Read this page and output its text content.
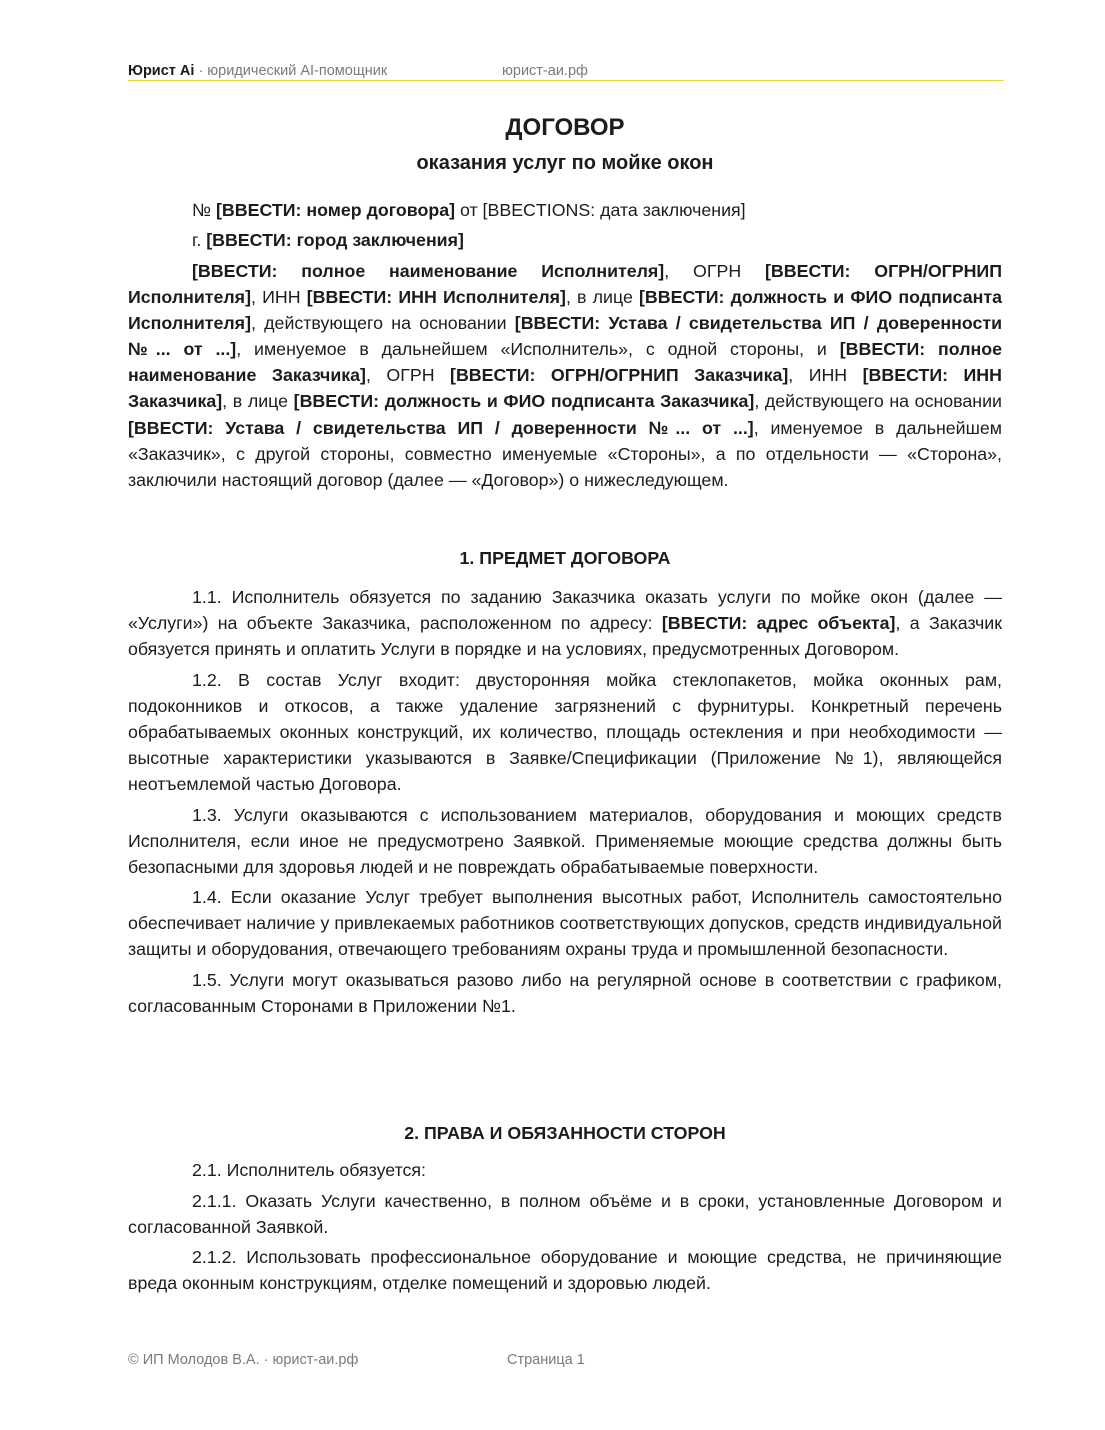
Юрист Ai · юридический AI-помощник	юрист-аи.рф
ДОГОВОР
оказания услуг по мойке окон

№ [ВВЕСТИ: номер договора] от [BBECTIONS: дата заключения]

г. [ВВЕСТИ: город заключения]

[ВВЕСТИ: полное наименование Исполнителя], ОГРН [ВВЕСТИ: ОГРН/ОГРНИП Исполнителя], ИНН [ВВЕСТИ: ИНН Исполнителя], в лице [ВВЕСТИ: должность и ФИО подписанта Исполнителя], действующего на основании [ВВЕСТИ: Устава / свидетельства ИП / доверенности №... от ...], именуемое в дальнейшем «Исполнитель», с одной стороны, и [ВВЕСТИ: полное наименование Заказчика], ОГРН [ВВЕСТИ: ОГРН/ОГРНИП Заказчика], ИНН [ВВЕСТИ: ИНН Заказчика], в лице [ВВЕСТИ: должность и ФИО подписанта Заказчика], действующего на основании [ВВЕСТИ: Устава / свидетельства ИП / доверенности №... от ...], именуемое в дальнейшем «Заказчик», с другой стороны, совместно именуемые «Стороны», а по отдельности — «Сторона», заключили настоящий договор (далее — «Договор») о нижеследующем.

1. ПРЕДМЕТ ДОГОВОРА

1.1. Исполнитель обязуется по заданию Заказчика оказать услуги по мойке окон (далее — «Услуги») на объекте Заказчика, расположенном по адресу: [ВВЕСТИ: адрес объекта], а Заказчик обязуется принять и оплатить Услуги в порядке и на условиях, предусмотренных Договором.

1.2. В состав Услуг входит: двусторонняя мойка стеклопакетов, мойка оконных рам, подоконников и откосов, а также удаление загрязнений с фурнитуры. Конкретный перечень обрабатываемых оконных конструкций, их количество, площадь остекления и при необходимости — высотные характеристики указываются в Заявке/Спецификации (Приложение №1), являющейся неотъемлемой частью Договора.

1.3. Услуги оказываются с использованием материалов, оборудования и моющих средств Исполнителя, если иное не предусмотрено Заявкой. Применяемые моющие средства должны быть безопасными для здоровья людей и не повреждать обрабатываемые поверхности.

1.4. Если оказание Услуг требует выполнения высотных работ, Исполнитель самостоятельно обеспечивает наличие у привлекаемых работников соответствующих допусков, средств индивидуальной защиты и оборудования, отвечающего требованиям охраны труда и промышленной безопасности.

1.5. Услуги могут оказываться разово либо на регулярной основе в соответствии с графиком, согласованным Сторонами в Приложении №1.

2. ПРАВА И ОБЯЗАННОСТИ СТОРОН

2.1. Исполнитель обязуется:

2.1.1. Оказать Услуги качественно, в полном объёме и в сроки, установленные Договором и согласованной Заявкой.

2.1.2. Использовать профессиональное оборудование и моющие средства, не причиняющие вреда оконным конструкциям, отделке помещений и здоровью людей.

© ИП Молодов В.А. · юрист-аи.рф	Страница 1
